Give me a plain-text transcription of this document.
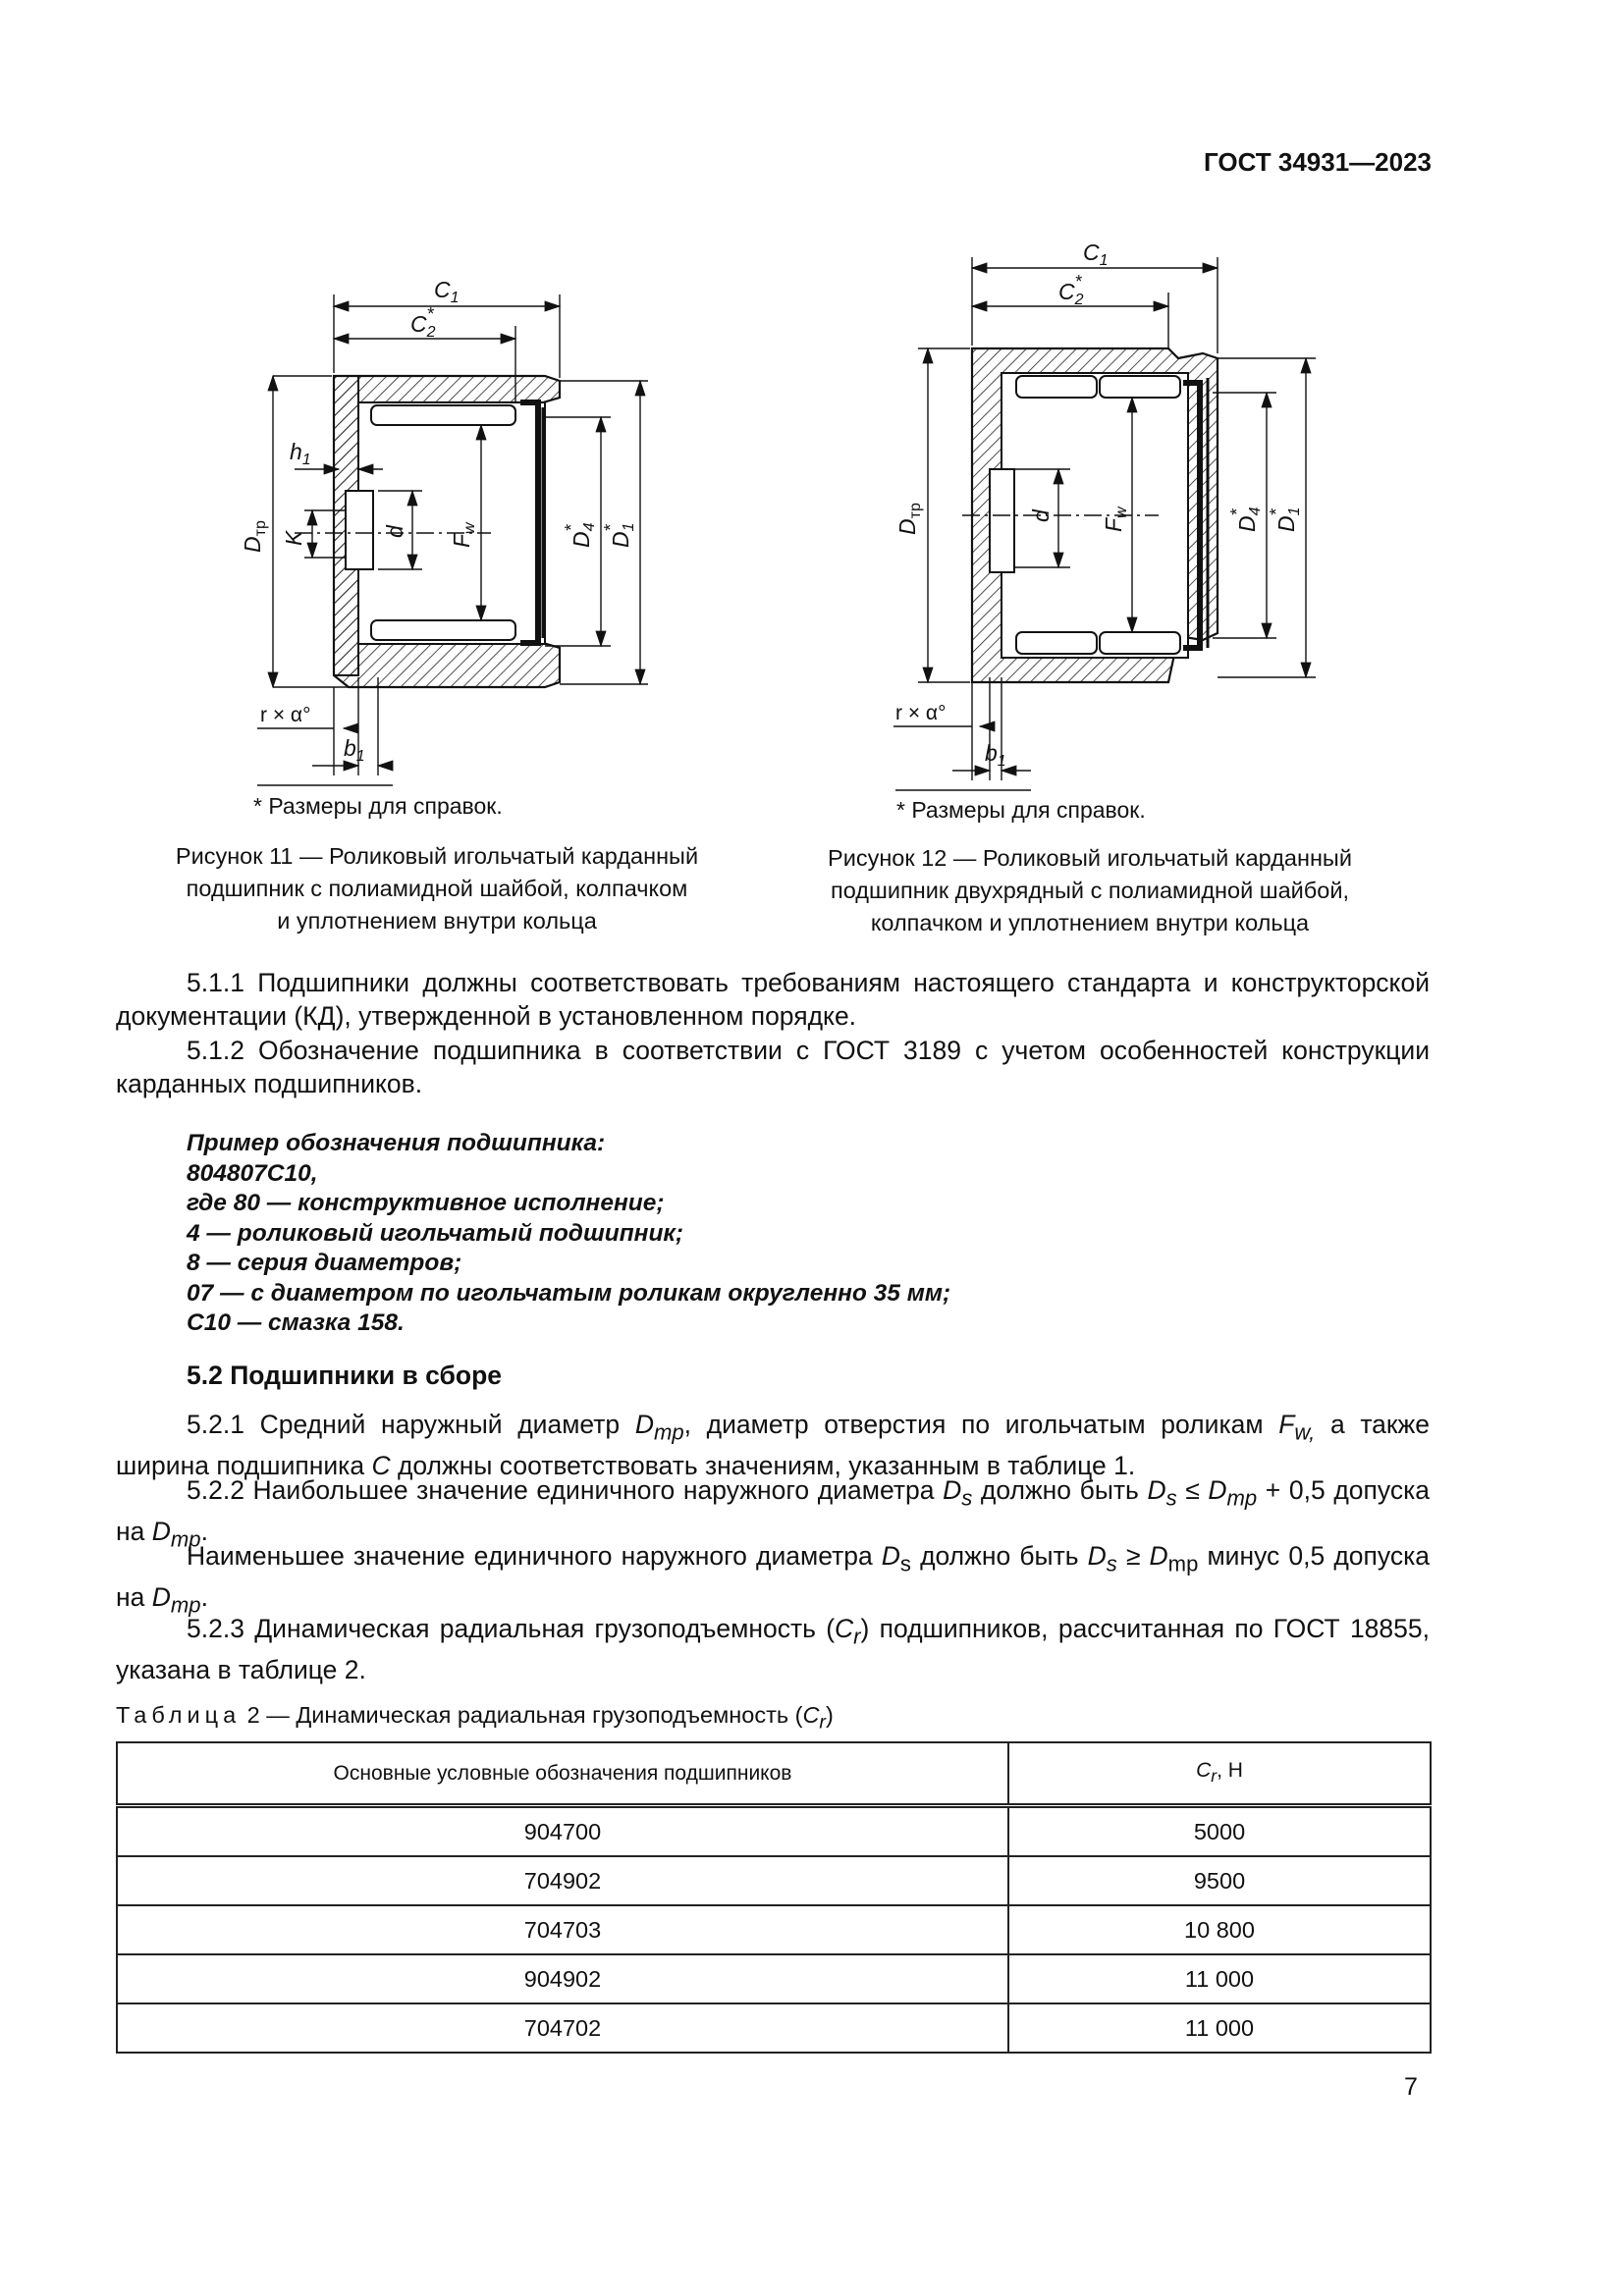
ГОСТ 34931—2023
$C_1$
$C_2*$
$h_1$
$D_{тр}$
K	d
$F_w$
$D_4*$
$D_1*$
r × α°
$b_1$
* Размеры для справок.
Рисунок 11 — Роликовый игольчатый карданный
подшипник с полиамидной шайбой, колпачком
и уплотнением внутри кольца
$C_1$
$C_2*$
$D_{тр}$	d
$F_w$
$D_4*$
$D_1*$
r × α°
$b_1$
* Размеры для справок.
Рисунок 12 — Роликовый игольчатый карданный
подшипник двухрядный с полиамидной шайбой,
колпачком и уплотнением внутри кольца
5.1.1 Подшипники должны соответствовать требованиям настоящего стандарта и конструкторской документации (КД), утвержденной в установленном порядке.
5.1.2 Обозначение подшипника в соответствии с ГОСТ 3189 с учетом особенностей конструкции карданных подшипников.
Пример обозначения подшипника:
804807С10,
где 80 — конструктивное исполнение;
4 — роликовый игольчатый подшипник;
8 — серия диаметров;
07 — с диаметром по игольчатым роликам округленно 35 мм;
С10 — смазка 158.
5.2 Подшипники в сборе
5.2.1 Средний наружный диаметр $D_{mp}$, диаметр отверстия по игольчатым роликам $F_{w,}$ а также ширина подшипника C должны соответствовать значениям, указанным в таблице 1.
5.2.2 Наибольшее значение единичного наружного диаметра $D_s$ должно быть $D_s \le D_{mp} + 0,5$ допуска на $D_{mp}$.
Наименьшее значение единичного наружного диаметра $D_s$ должно быть $D_s \ge D_{mp}$ минус 0,5 допуска на $D_{mp}$.
5.2.3 Динамическая радиальная грузоподъемность $(C_r)$ подшипников, рассчитанная по ГОСТ 18855, указана в таблице 2.
Таблица 2 — Динамическая радиальная грузоподъемность $(C_r)$
Основные условные обозначения подшипников	$C_r$, Н
904700	5000
704902	9500
704703	10 800
904902	11 000
704702	11 000
7
